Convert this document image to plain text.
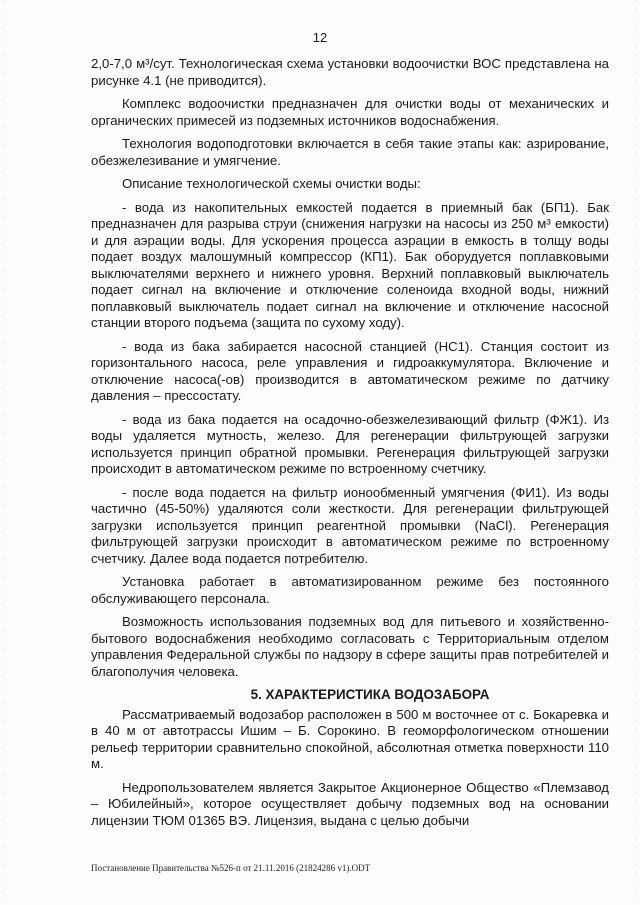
12

2,0-7,0 м³/сут. Технологическая схема установки водоочистки ВОС представлена на рисунке 4.1 (не приводится).

Комплекс водоочистки предназначен для очистки воды от механических и органических примесей из подземных источников водоснабжения.

Технология водоподготовки включается в себя такие этапы как: азрирование, обезжелезивание и умягчение.

Описание технологической схемы очистки воды:

- вода из накопительных емкостей подается в приемный бак (БП1). Бак предназначен для разрыва струи (снижения нагрузки на насосы из 250 м³ емкости) и для аэрации воды. Для ускорения процесса аэрации в емкость в толщу воды подает воздух малошумный компрессор (КП1). Бак оборудуется поплавковыми выключателями верхнего и нижнего уровня. Верхний поплавковый выключатель подает сигнал на включение и отключение соленоида входной воды, нижний поплавковый выключатель подает сигнал на включение и отключение насосной станции второго подъема (защита по сухому ходу).

- вода из бака забирается насосной станцией (НС1). Станция состоит из горизонтального насоса, реле управления и гидроаккумулятора. Включение и отключение насоса(-ов) производится в автоматическом режиме по датчику давления – прессостату.

- вода из бака подается на осадочно-обезжелезивающий фильтр (ФЖ1). Из воды удаляется мутность, железо. Для регенерации фильтрующей загрузки используется принцип обратной промывки. Регенерация фильтрующей загрузки происходит в автоматическом режиме по встроенному счетчику.

- после вода подается на фильтр ионообменный умягчения (ФИ1). Из воды частично (45-50%) удаляются соли жесткости. Для регенерации фильтрующей загрузки используется принцип реагентной промывки (NaCl). Регенерация фильтрующей загрузки происходит в автоматическом режиме по встроенному счетчику. Далее вода подается потребителю.

Установка работает в автоматизированном режиме без постоянного обслуживающего персонала.

Возможность использования подземных вод для питьевого и хозяйственно-бытового водоснабжения необходимо согласовать с Территориальным отделом управления Федеральной службы по надзору в сфере защиты прав потребителей и благополучия человека.

5. ХАРАКТЕРИСТИКА ВОДОЗАБОРА

Рассматриваемый водозабор расположен в 500 м восточнее от с. Бокаревка и в 40 м от автотрассы Ишим – Б. Сорокино. В геоморфологическом отношении рельеф территории сравнительно спокойной, абсолютная отметка поверхности 110 м.

Недропользователем является Закрытое Акционерное Общество «Племзавод – Юбилейный», которое осуществляет добычу подземных вод на основании лицензии ТЮМ 01365 ВЭ. Лицензия, выдана с целью добычи

Постановление Правительства №526-п от 21.11.2016 (21824286 v1).ODT
